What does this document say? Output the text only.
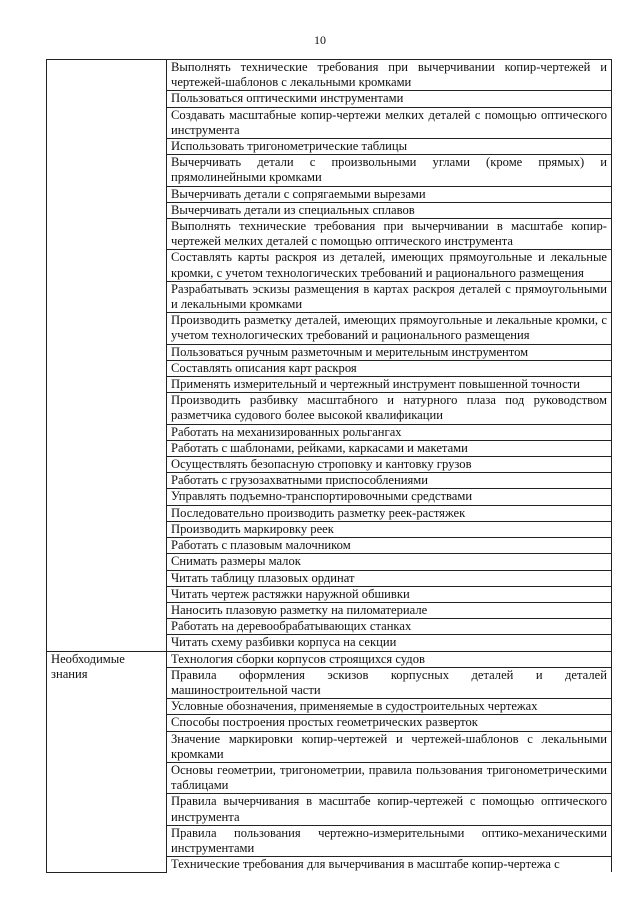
10
	Выполнять технические требования при вычерчивании копир-чертежей и чертежей-шаблонов с лекальными кромками
	Пользоваться оптическими инструментами
	Создавать масштабные копир-чертежи мелких деталей с помощью оптического инструмента
	Использовать тригонометрические таблицы
	Вычерчивать детали с произвольными углами (кроме прямых) и прямолинейными кромками
	Вычерчивать детали с сопрягаемыми вырезами
	Вычерчивать детали из специальных сплавов
	Выполнять технические требования при вычерчивании в масштабе копир-чертежей мелких деталей с помощью оптического инструмента
	Составлять карты раскроя из деталей, имеющих прямоугольные и лекальные кромки, с учетом технологических требований и рационального размещения
	Разрабатывать эскизы размещения в картах раскроя деталей с прямоугольными и лекальными кромками
	Производить разметку деталей, имеющих прямоугольные и лекальные кромки, с учетом технологических требований и рационального размещения
	Пользоваться ручным разметочным и мерительным инструментом
	Составлять описания карт раскроя
	Применять измерительный и чертежный инструмент повышенной точности
	Производить разбивку масштабного и натурного плаза под руководством разметчика судового более высокой квалификации
	Работать на механизированных рольгангах
	Работать с шаблонами, рейками, каркасами и макетами
	Осуществлять безопасную строповку и кантовку грузов
	Работать с грузозахватными приспособлениями
	Управлять подъемно-транспортировочными средствами
	Последовательно производить разметку реек-растяжек
	Производить маркировку реек
	Работать с плазовым малочником
	Снимать размеры малок
	Читать таблицу плазовых ординат
	Читать чертеж растяжки наружной обшивки
	Наносить плазовую разметку на пиломатериале
	Работать на деревообрабатывающих станках
	Читать схему разбивки корпуса на секции
Необходимые знания	Технология сборки корпусов строящихся судов
	Правила оформления эскизов корпусных деталей и деталей машиностроительной части
	Условные обозначения, применяемые в судостроительных чертежах
	Способы построения простых геометрических разверток
	Значение маркировки копир-чертежей и чертежей-шаблонов с лекальными кромками
	Основы геометрии, тригонометрии, правила пользования тригонометрическими таблицами
	Правила вычерчивания в масштабе копир-чертежей с помощью оптического инструмента
	Правила пользования чертежно-измерительными оптико-механическими инструментами
	Технические требования для вычерчивания в масштабе копир-чертежа с
